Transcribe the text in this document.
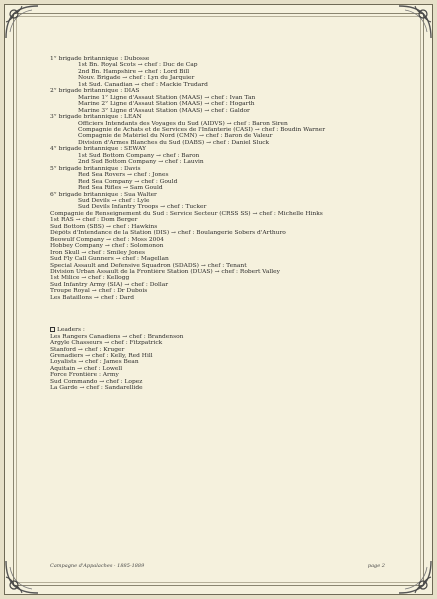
1° brigade britannique : Dubosse
1st Bn. Royal Scots → chef : Duc de Cap
2nd Bn. Hampshire → chef : Lord Bill
Nouv. Brigade → chef : Lyn du Jarquier
1st Sud. Canadian → chef : Mackie Trudard
2° brigade britannique : DIAS
Marine 1° Ligne d'Assaut Station (MAAS) → chef : Ivan Tan
Marine 2° Ligne d'Assaut Station (MAAS) → chef : Hogarth
Marine 3° Ligne d'Assaut Station (MAAS) → chef : Galdor
3° brigade britannique : LEAN
Officiers Intendants des Voyages du Sud (AIDVS) → chef : Baron Siren
Compagnie de Achats et de Services de l'Infanterie (CASI) → chef : Boudin Warner
Compagnie de Matériel du Nord (CMN) → chef : Baron de Valeur
Division d'Armes Blanches du Sud (DABS) → chef : Daniel Sluck
4° brigade britannique : SEWAY
1st Sud Bottom Company → chef : Baron
2nd Sud Bottom Company → chef : Lauvin
5° brigade britannique : Davis
Red Sea Rovers → chef : Jones
Red Sea Company → chef : Gould
Red Sea Rifles → Sam Gould
6° brigade britannique : Sua Walter
Sud Devils → chef : Lyle
Sud Devils Infantry Troops → chef : Tucker
Compagnie de Renseignement du Sud : Service Secteur (CRSS SS) → chef : Michelle Hinks
1st RAS → chef : Dom Berger
Sud Bottom (SBS) → chef : Hawkins
Dépôts d'Intendance de la Station (DIS) → chef : Boulangerie Sobers d'Arthuro
Beowulf Company → chef : Moss 2004
Hobbey Company → chef : Solomonon
Iron Skull → chef : Smiley Jones
Sud Fly Call Gunners → chef : Magellan
Special Assault and Defensive Squadron (SDADS) → chef : Tenant
Division Urban Assault de la Frontière Station (DUAS) → chef : Robert Valley
1st Milice → chef : Kellogg
Sud Infantry Army (SIA) → chef : Dollar
Troupe Royal → chef : Dr Dubois
Les Bataillons → chef : Dard
Leaders :
Les Rangers Canadiens → chef : Brandenson
Argyle Chasseurs → chef : Fitzpatrick
Stanford → chef : Kruger
Grenadiers → chef : Kelly, Red Hill
Loyalists → chef : James Bean
Aquitain → chef : Lowell
Force Frontière : Army
Sud Commando → chef : Lopez
La Garde → chef : Sandarellide
Campagne d'Appalaches · 1885-1889	page 2
